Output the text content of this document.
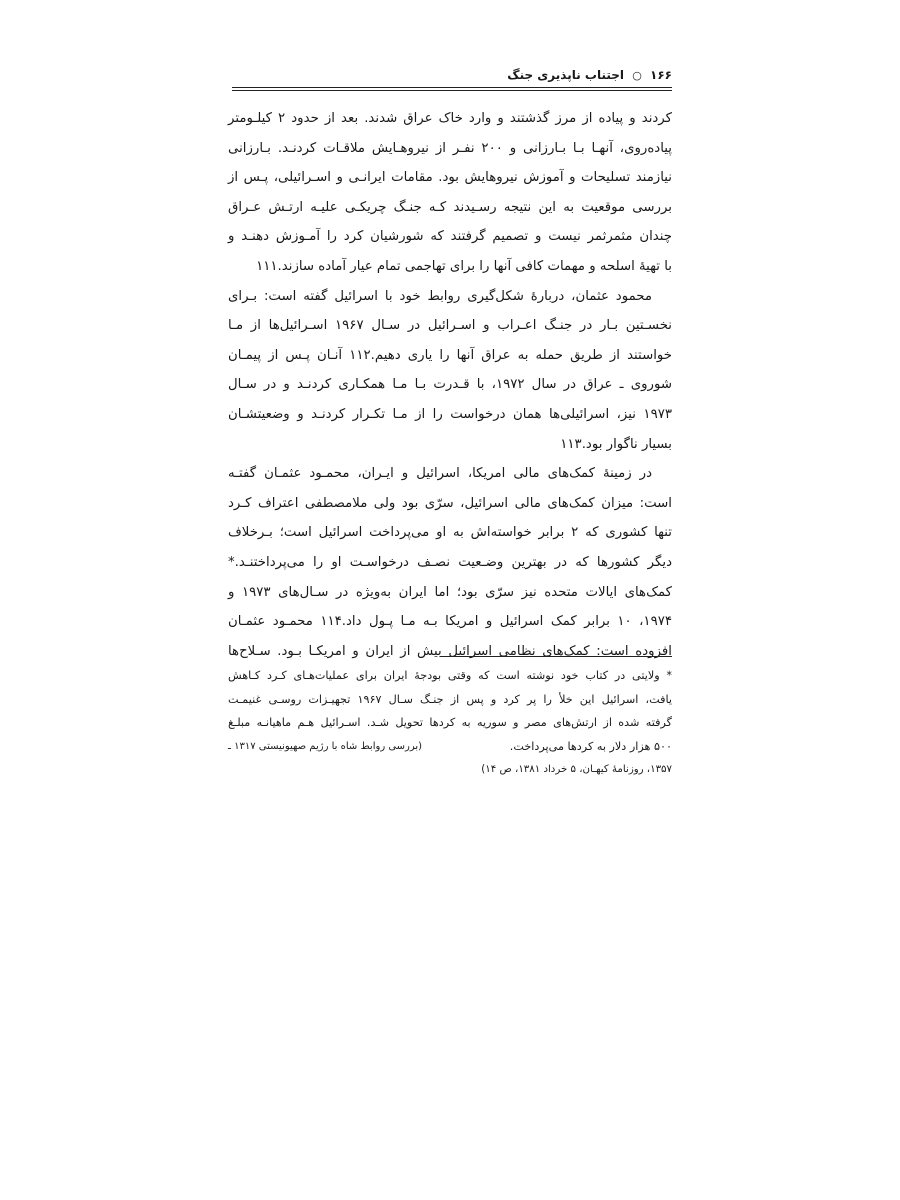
۱۶۶ ○ اجتناب ناپذیری جنگ
کردند و پیاده از مرز گذشتند و وارد خاک عراق شدند. بعد از حدود ۲ کیلـومتر
پیاده‌روی، آنهـا بـا بـارزانی و ۲۰۰ نفـر از نیروهـایش ملاقـات کردنـد. بـارزانی
نیازمند تسلیحات و آموزش نیروهایش بود. مقامات ایرانـی و اسـرائیلی، پـس از
بررسی موقعیت به این نتیجه رسـیدند کـه جنـگ چریکـی علیـه ارتـش عـراق
چندان مثمرثمر نیست و تصمیم گرفتند که شورشیان کرد را آمـوزش دهنـد و
با تهیهٔ اسلحه و مهمات کافی آنها را برای تهاجمی تمام عیار آماده سازند.۱۱۱
محمود عثمان، دربارهٔ شکل‌گیری روابط خود با اسرائیل گفته است: بـرای
نخسـتین بـار در جنـگ اعـراب و اسـرائیل در سـال ۱۹۶۷ اسـرائیل‌ها از مـا
خواستند از طریق حمله به عراق آنها را یاری دهیم.۱۱۲ آنـان پـس از پیمـان
شوروی ـ عراق در سال ۱۹۷۲، با قـدرت بـا مـا همکـاری کردنـد و در سـال
۱۹۷۳ نیز، اسرائیلی‌ها همان درخواست را از مـا تکـرار کردنـد و وضعیتشـان
بسیار ناگوار بود.۱۱۳
در زمینهٔ کمک‌های مالی امریکا، اسرائیل و ایـران، محمـود عثمـان گفتـه
است: میزان کمک‌های مالی اسرائیل، سرّی بود ولی ملامصطفی اعتراف کـرد
تنها کشوری که ۲ برابر خواسته‌اش به او می‌پرداخت اسرائیل است؛ بـرخلاف
دیگر کشورها که در بهترین وضـعیت نصـف درخواسـت او را می‌پرداختنـد.*
کمک‌های ایالات متحده نیز سرّی بود؛ اما ایران به‌ویژه در سـال‌های ۱۹۷۳ و
۱۹۷۴، ۱۰ برابر کمک اسرائیل و امریکا بـه مـا پـول داد.۱۱۴ محمـود عثمـان
افزوده است: کمک‌های نظامی اسرائیل بیش از ایران و امریکـا بـود. سـلاح‌ها
* ولایتی در کتاب خود نوشته است که وقتی بودجهٔ ایران برای عملیات‌هـای کـرد کـاهش
یافت، اسرائیل این خلأ را پر کرد و پس از جنـگ سـال ۱۹۶۷ تجهیـزات روسـی غنیمـت
گرفته شده از ارتش‌های مصر و سوریه به کردها تحویل شـد. اسـرائیل هـم ماهیانـه مبلـغ
۵۰۰ هزار دلار به کردها می‌پرداخت.
(بررسی روابط شاه با رژیم صهیونیستی ۱۳۱۷ ـ
۱۳۵۷، روزنامهٔ کیهـان، ۵ خرداد ۱۳۸۱، ص ۱۴)
